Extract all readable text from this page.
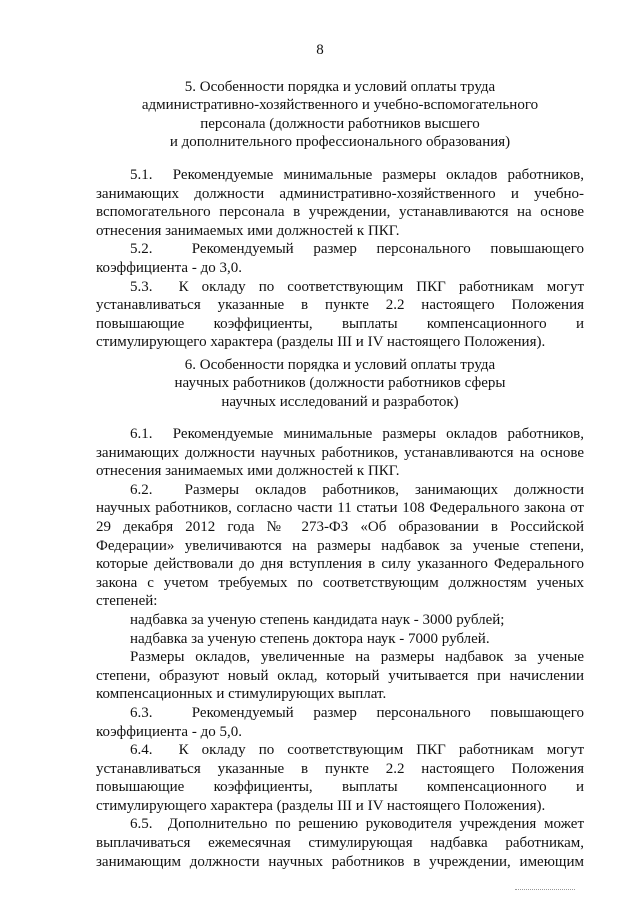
8
5. Особенности порядка и условий оплаты труда
административно-хозяйственного и учебно-вспомогательного
персонала (должности работников высшего
и дополнительного профессионального образования)

5.1. Рекомендуемые минимальные размеры окладов работников,
занимающих должности административно-хозяйственного и учебно-
вспомогательного персонала в учреждении, устанавливаются на основе
отнесения занимаемых ими должностей к ПКГ.

5.2.	Рекомендуемый размер персонального повышающего
коэффициента - до 3,0.

5.3. К окладу по соответствующим ПКГ работникам могут
устанавливаться указанные в пункте 2.2 настоящего Положения
повышающие коэффициенты, выплаты компенсационного и
стимулирующего характера (разделы III и IV настоящего Положения).

6. Особенности порядка и условий оплаты труда
научных работников (должности работников сферы
научных исследований и разработок)

6.1. Рекомендуемые минимальные размеры окладов работников,
занимающих должности научных работников, устанавливаются на основе
отнесения занимаемых ими должностей к ПКГ.

6.2. Размеры окладов работников, занимающих должности
научных работников, согласно части 11 статьи 108 Федерального закона от
29 декабря 2012 года № 273-ФЗ «Об образовании в Российской
Федерации» увеличиваются на размеры надбавок за ученые степени,
которые действовали до дня вступления в силу указанного Федерального
закона с учетом требуемых по соответствующим должностям ученых
степеней:
надбавка за ученую степень кандидата наук - 3000 рублей;
надбавка за ученую степень доктора наук - 7000 рублей.
Размеры окладов, увеличенные на размеры надбавок за ученые
степени, образуют новый оклад, который учитывается при начислении
компенсационных и стимулирующих выплат.

6.3.	Рекомендуемый размер персонального повышающего
коэффициента - до 5,0.

6.4. К окладу по соответствующим ПКГ работникам могут
устанавливаться указанные в пункте 2.2 настоящего Положения
повышающие коэффициенты, выплаты компенсационного и
стимулирующего характера (разделы III и IV настоящего Положения).

6.5. Дополнительно по решению руководителя учреждения может
выплачиваться ежемесячная стимулирующая надбавка работникам,
занимающим должности научных работников в учреждении, имеющим
